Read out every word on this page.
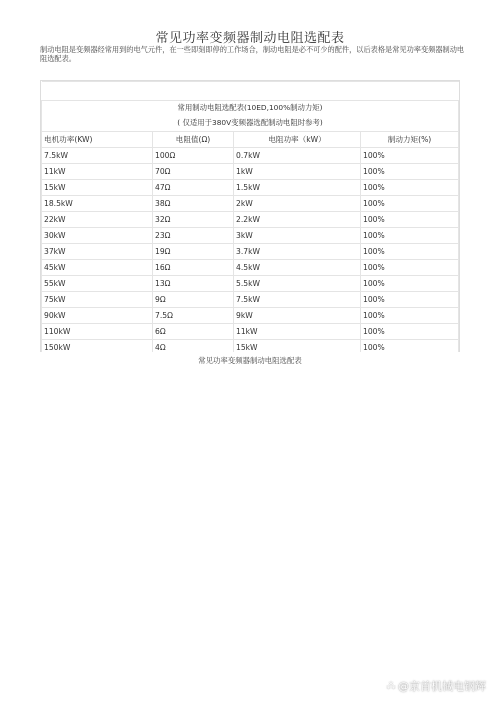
常见功率变频器制动电阻选配表
制动电阻是变频器经常用到的电气元件，在一些即刻即停的工作场合，制动电阻是必不可少的配件，以后表格是常见功率变频器制动电阻选配表。

常用制动电阻选配表(10ED,100%制动力矩)			
( 仅适用于380V变频器选配制动电阻时参考)			
电机功率(KW)	电阻值(Ω)	电阻功率（kW）	制动力矩(%)
7.5kW	100Ω	0.7kW	100%
11kW	70Ω	1kW	100%
15kW	47Ω	1.5kW	100%
18.5kW	38Ω	2kW	100%
22kW	32Ω	2.2kW	100%
30kW	23Ω	3kW	100%
37kW	19Ω	3.7kW	100%
45kW	16Ω	4.5kW	100%
55kW	13Ω	5.5kW	100%
75kW	9Ω	7.5kW	100%
90kW	7.5Ω	9kW	100%
110kW	6Ω	11kW	100%
150kW	4Ω	15kW	100%

常见功率变频器制动电阻选配表
⁂ @京首机械电钢辉
